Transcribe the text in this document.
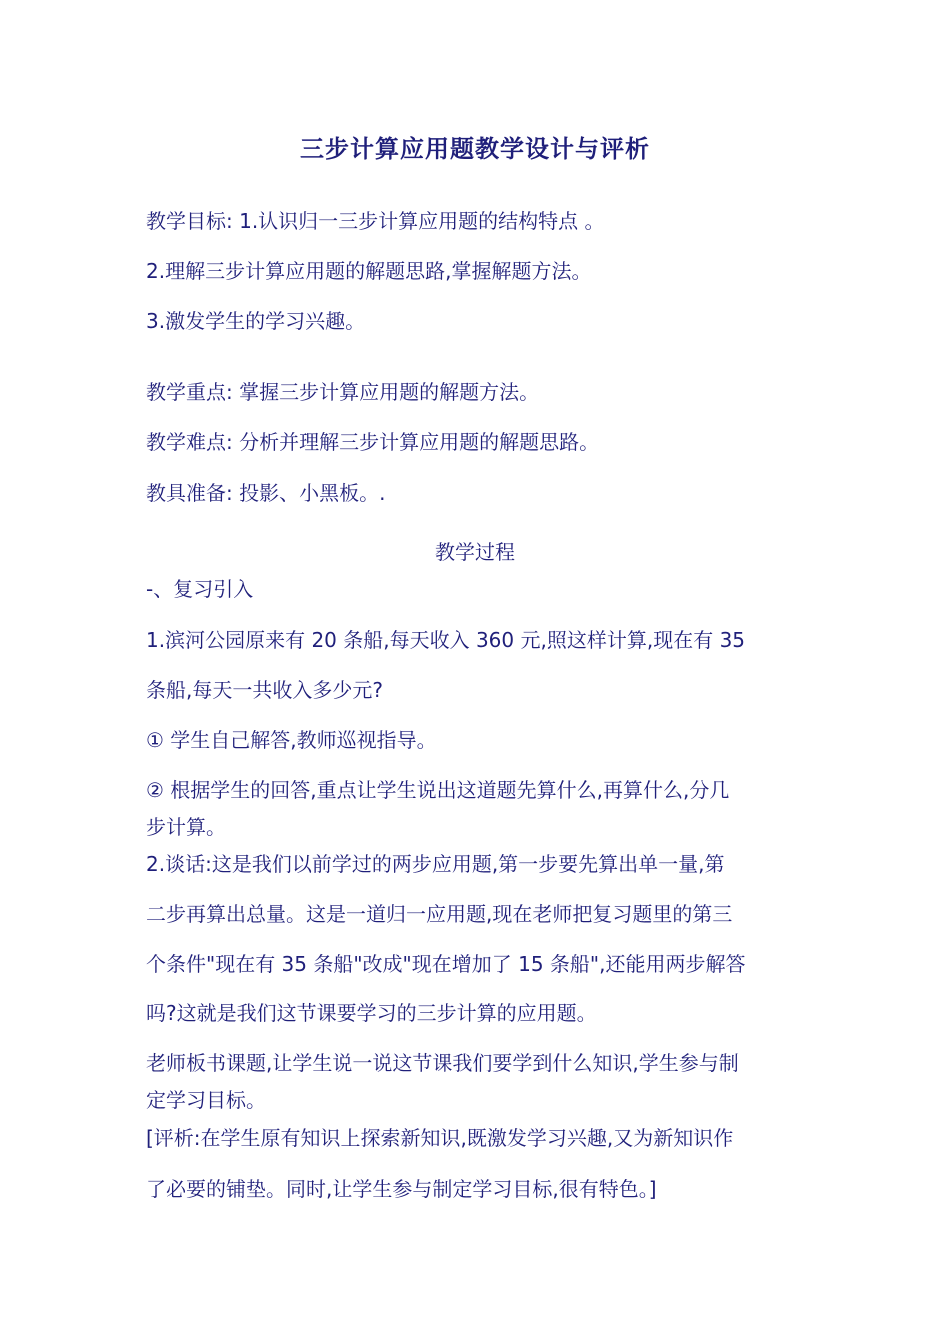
三步计算应用题教学设计与评析
教学目标: 1.认识归一三步计算应用题的结构特点 。
2.理解三步计算应用题的解题思路,掌握解题方法。
3.激发学生的学习兴趣。
教学重点: 掌握三步计算应用题的解题方法。
教学难点: 分析并理解三步计算应用题的解题思路。
教具准备: 投影、小黑板。.
教学过程
-、复习引入
1.滨河公园原来有 20 条船,每天收入 360 元,照这样计算,现在有 35
条船,每天一共收入多少元?
① 学生自己解答,教师巡视指导。
② 根据学生的回答,重点让学生说出这道题先算什么,再算什么,分几
步计算。
2.谈话:这是我们以前学过的两步应用题,第一步要先算出单一量,第
二步再算出总量。这是一道归一应用题,现在老师把复习题里的第三
个条件"现在有 35 条船"改成"现在增加了 15 条船",还能用两步解答
吗?这就是我们这节课要学习的三步计算的应用题。
老师板书课题,让学生说一说这节课我们要学到什么知识,学生参与制
定学习目标。
[评析:在学生原有知识上探索新知识,既激发学习兴趣,又为新知识作
了必要的铺垫。同时,让学生参与制定学习目标,很有特色。]
